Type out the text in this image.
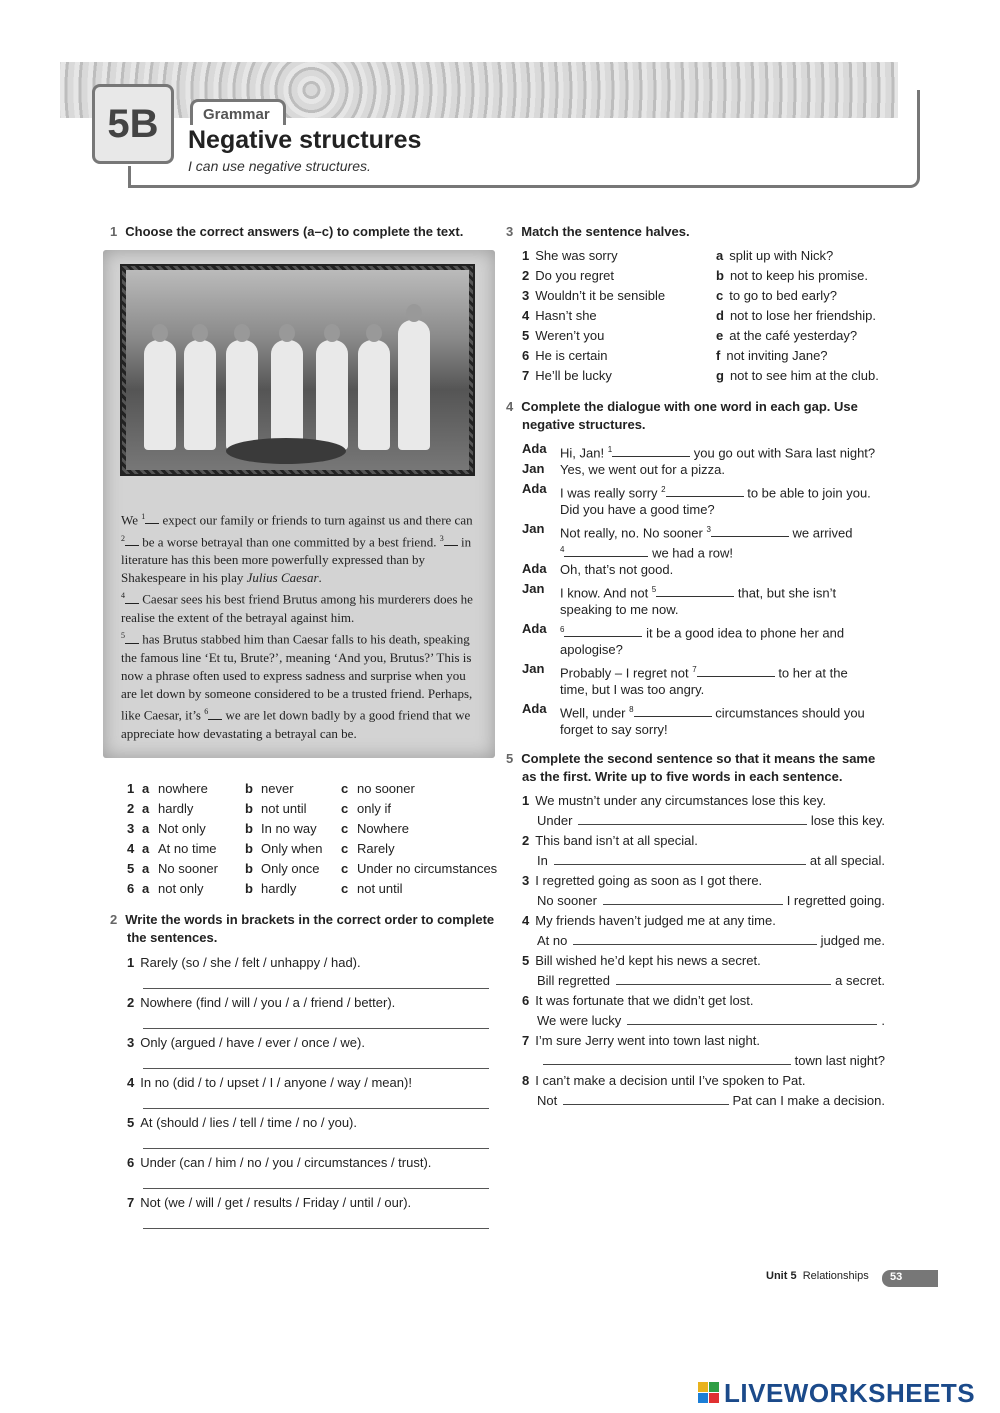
5B	Grammar
Negative structures
I can use negative structures.
1 Choose the correct answers (a–c) to complete the text.
We $^1$ expect our family or friends to turn against us and there can $^2$ be a worse betrayal than one committed by a best friend. $^3$ in literature has this been more powerfully expressed than by Shakespeare in his play Julius Caesar.
$^4$ Caesar sees his best friend Brutus among his murderers does he realise the extent of the betrayal against him.
$^5$ has Brutus stabbed him than Caesar falls to his death, speaking the famous line ‘Et tu, Brute?’, meaning ‘And you, Brutus?’ This is now a phrase often used to express sadness and surprise when you are let down by someone considered to be a trusted friend. Perhaps, like Caesar, it’s $^6$ we are let down badly by a good friend that we appreciate how devastating a betrayal can be.
1 a nowhere	b never	c no sooner
2 a hardly	b not until	c only if
3 a Not only	b In no way c Nowhere
4 a At no time b Only when c Rarely
5 a No sooner b Only once c Under no circumstances
6 a not only	b hardly	c not until
2 Write the words in brackets in the correct order to complete
the sentences.
1 Rarely (so / she / felt / unhappy / had).
2 Nowhere (find / will / you / a / friend / better).
3 Only (argued / have / ever / once / we).
4 In no (did / to / upset / I / anyone / way / mean)!
5 At (should / lies / tell / time / no / you).
6 Under (can / him / no / you / circumstances / trust).
7 Not (we / will / get / results / Friday / until / our).
3 Match the sentence halves.
1 She was sorry	a split up with Nick?
2 Do you regret	b not to keep his promise.
3 Wouldn’t it be sensible	c to go to bed early?
4 Hasn’t she	d not to lose her friendship.
5 Weren’t you	e at the café yesterday?
6 He is certain	f not inviting Jane?
7 He’ll be lucky	g not to see him at the club.
4 Complete the dialogue with one word in each gap. Use
negative structures.
Ada Hi, Jan! $^1$	you go out with Sara last night?
Jan Yes, we went out for a pizza.
Ada I was really sorry $^2$	to be able to join you.
Did you have a good time?
Jan Not really, no. No sooner $^3$	we arrived
$^4$	we had a row!
Ada Oh, that’s not good.
Jan I know. And not $^5$	that, but she isn’t
speaking to me now.
Ada $^6$	it be a good idea to phone her and
apologise?
Jan Probably – I regret not $^7$	to her at the
time, but I was too angry.
Ada Well, under $^8$	circumstances should you
forget to say sorry!
5 Complete the second sentence so that it means the same
as the first. Write up to five words in each sentence.
1 We mustn’t under any circumstances lose this key.
Under	lose this key.
2 This band isn’t at all special.
In	at all special.
3 I regretted going as soon as I got there.
No sooner	I regretted going.
4 My friends haven’t judged me at any time.
At no	judged me.
5 Bill wished he’d kept his news a secret.
Bill regretted	a secret.
6 It was fortunate that we didn’t get lost.
We were lucky	.
7 I’m sure Jerry went into town last night.
town last night?
8 I can’t make a decision until I’ve spoken to Pat.
Not	Pat can I make a decision.
Unit 5 Relationships	53
LIVEWORKSHEETS
